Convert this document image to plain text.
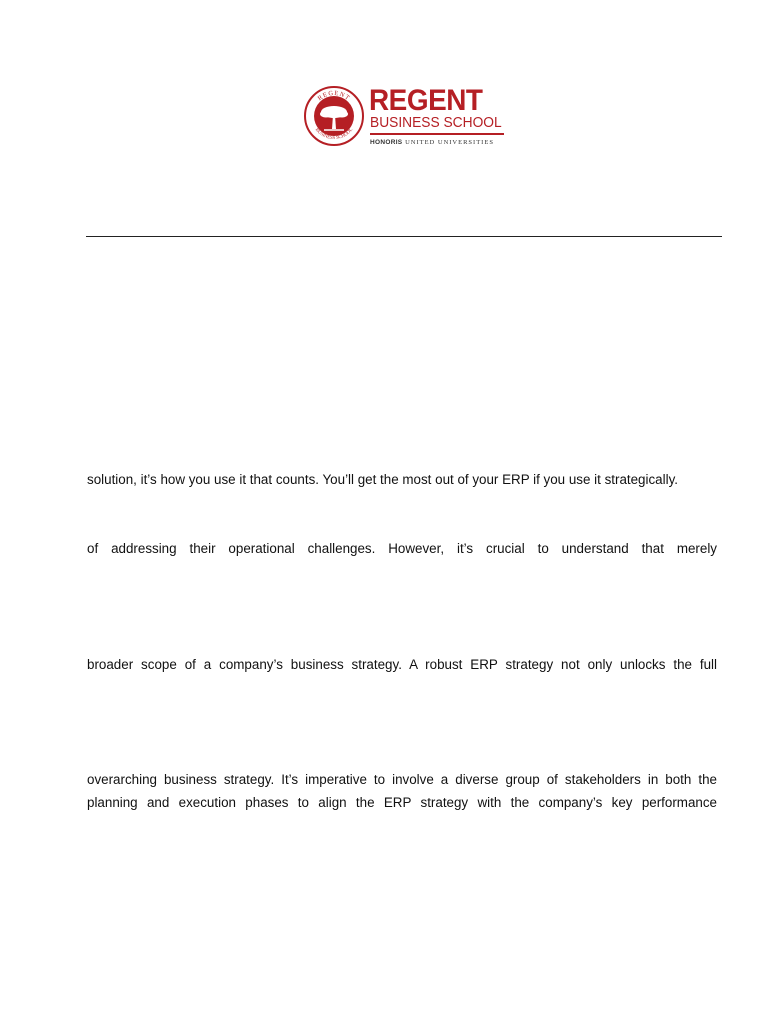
REGENT
BUSINESS SCHOOL
REGENT
BUSINESS SCHOOL
HONORIS UNITED UNIVERSITIES
solution, it’s how you use it that counts. You’ll get the most out of your ERP if you use it strategically.
of addressing their operational challenges. However, it’s crucial to understand that merely
broader scope of a company’s business strategy. A robust ERP strategy not only unlocks the full
overarching business strategy. It’s imperative to involve a diverse group of stakeholders in both the
planning and execution phases to align the ERP strategy with the company’s key performance
